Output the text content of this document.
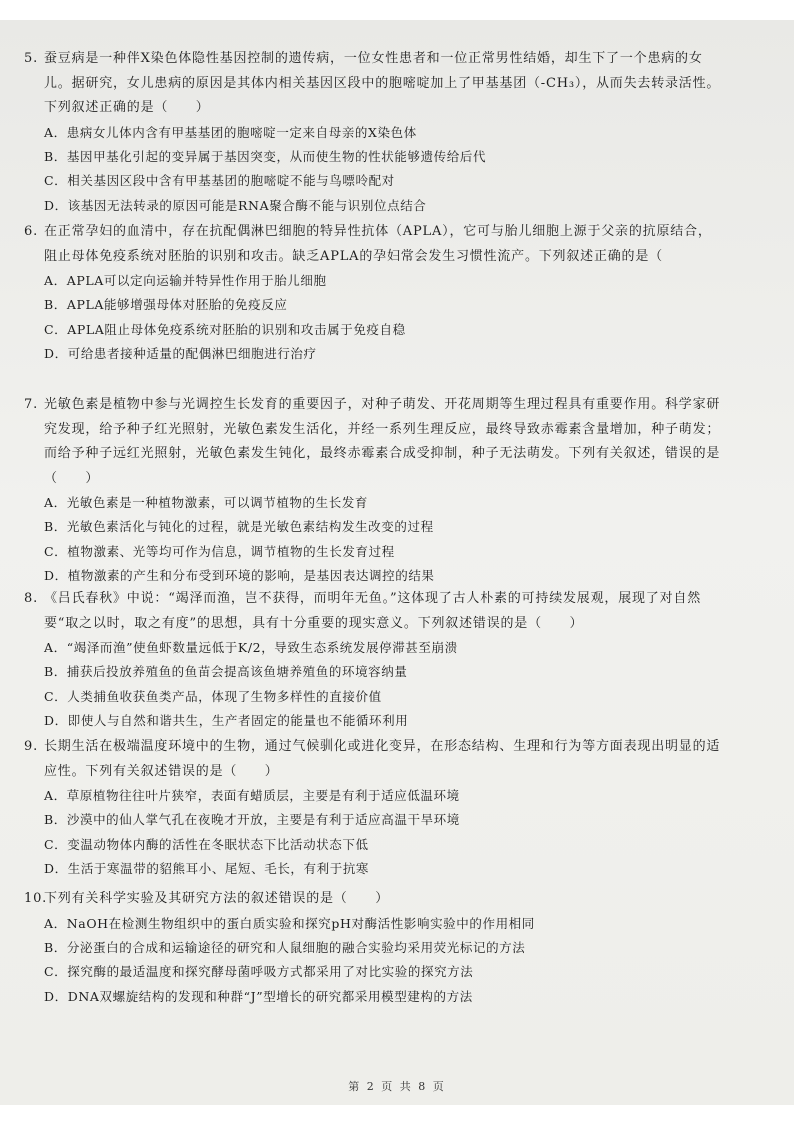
5. 蚕豆病是一种伴X染色体隐性基因控制的遗传病，一位女性患者和一位正常男性结婚，却生下了一个患病的女儿。据研究，女儿患病的原因是其体内相关基因区段中的胞嘧啶加上了甲基基团（-CH₃），从而失去转录活性。下列叙述正确的是（　　）

A．患病女儿体内含有甲基基团的胞嘧啶一定来自母亲的X染色体

B．基因甲基化引起的变异属于基因突变，从而使生物的性状能够遗传给后代

C．相关基因区段中含有甲基基团的胞嘧啶不能与鸟嘌呤配对

D．该基因无法转录的原因可能是RNA聚合酶不能与识别位点结合

6. 在正常孕妇的血清中，存在抗配偶淋巴细胞的特异性抗体（APLA），它可与胎儿细胞上源于父亲的抗原结合，阻止母体免疫系统对胚胎的识别和攻击。缺乏APLA的孕妇常会发生习惯性流产。下列叙述正确的是（

A．APLA可以定向运输并特异性作用于胎儿细胞

B．APLA能够增强母体对胚胎的免疫反应

C．APLA阻止母体免疫系统对胚胎的识别和攻击属于免疫自稳

D．可给患者接种适量的配偶淋巴细胞进行治疗

7. 光敏色素是植物中参与光调控生长发育的重要因子，对种子萌发、开花周期等生理过程具有重要作用。科学家研究发现，给予种子红光照射，光敏色素发生活化，并经一系列生理反应，最终导致赤霉素含量增加，种子萌发；而给予种子远红光照射，光敏色素发生钝化，最终赤霉素合成受抑制，种子无法萌发。下列有关叙述，错误的是（　　）

A．光敏色素是一种植物激素，可以调节植物的生长发育

B．光敏色素活化与钝化的过程，就是光敏色素结构发生改变的过程

C．植物激素、光等均可作为信息，调节植物的生长发育过程

D．植物激素的产生和分布受到环境的影响，是基因表达调控的结果

8. 《吕氏春秋》中说：“竭泽而渔，岂不获得，而明年无鱼。”这体现了古人朴素的可持续发展观，展现了对自然要“取之以时，取之有度”的思想，具有十分重要的现实意义。下列叙述错误的是（　　）

A．“竭泽而渔”使鱼虾数量远低于K/2，导致生态系统发展停滞甚至崩溃

B．捕获后投放养殖鱼的鱼苗会提高该鱼塘养殖鱼的环境容纳量

C．人类捕鱼收获鱼类产品，体现了生物多样性的直接价值

D．即使人与自然和谐共生，生产者固定的能量也不能循环利用

9. 长期生活在极端温度环境中的生物，通过气候驯化或进化变异，在形态结构、生理和行为等方面表现出明显的适应性。下列有关叙述错误的是（　　）

A．草原植物往往叶片狭窄，表面有蜡质层，主要是有利于适应低温环境

B．沙漠中的仙人掌气孔在夜晚才开放，主要是有利于适应高温干旱环境

C．变温动物体内酶的活性在冬眠状态下比活动状态下低

D．生活于寒温带的貂熊耳小、尾短、毛长，有利于抗寒

10.下列有关科学实验及其研究方法的叙述错误的是（　　）

A．NaOH在检测生物组织中的蛋白质实验和探究pH对酶活性影响实验中的作用相同

B．分泌蛋白的合成和运输途径的研究和人鼠细胞的融合实验均采用荧光标记的方法

C．探究酶的最适温度和探究酵母菌呼吸方式都采用了对比实验的探究方法

D．DNA双螺旋结构的发现和种群“J”型增长的研究都采用模型建构的方法

第 2 页 共 8 页
